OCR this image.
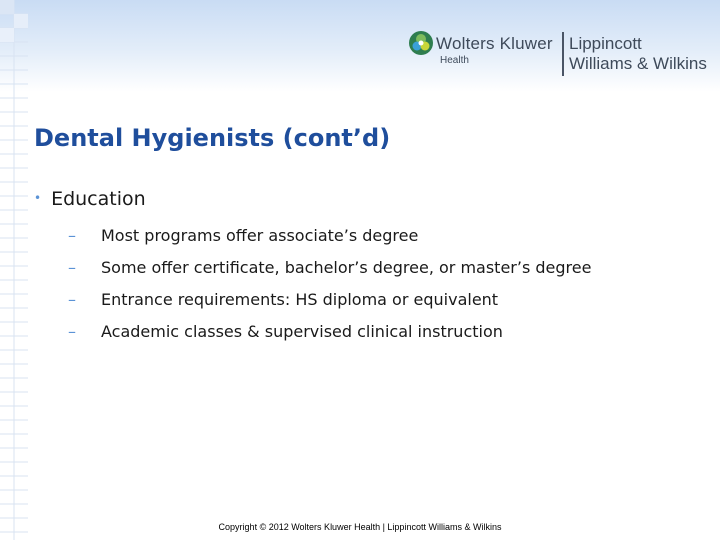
Wolters Kluwer
Health
Lippincott
Williams & Wilkins
Dental Hygienists (cont’d)
• Education
– Most programs offer associate’s degree
– Some offer certificate, bachelor’s degree, or master’s degree
– Entrance requirements: HS diploma or equivalent
– Academic classes & supervised clinical instruction
Copyright © 2012 Wolters Kluwer Health | Lippincott Williams & Wilkins
